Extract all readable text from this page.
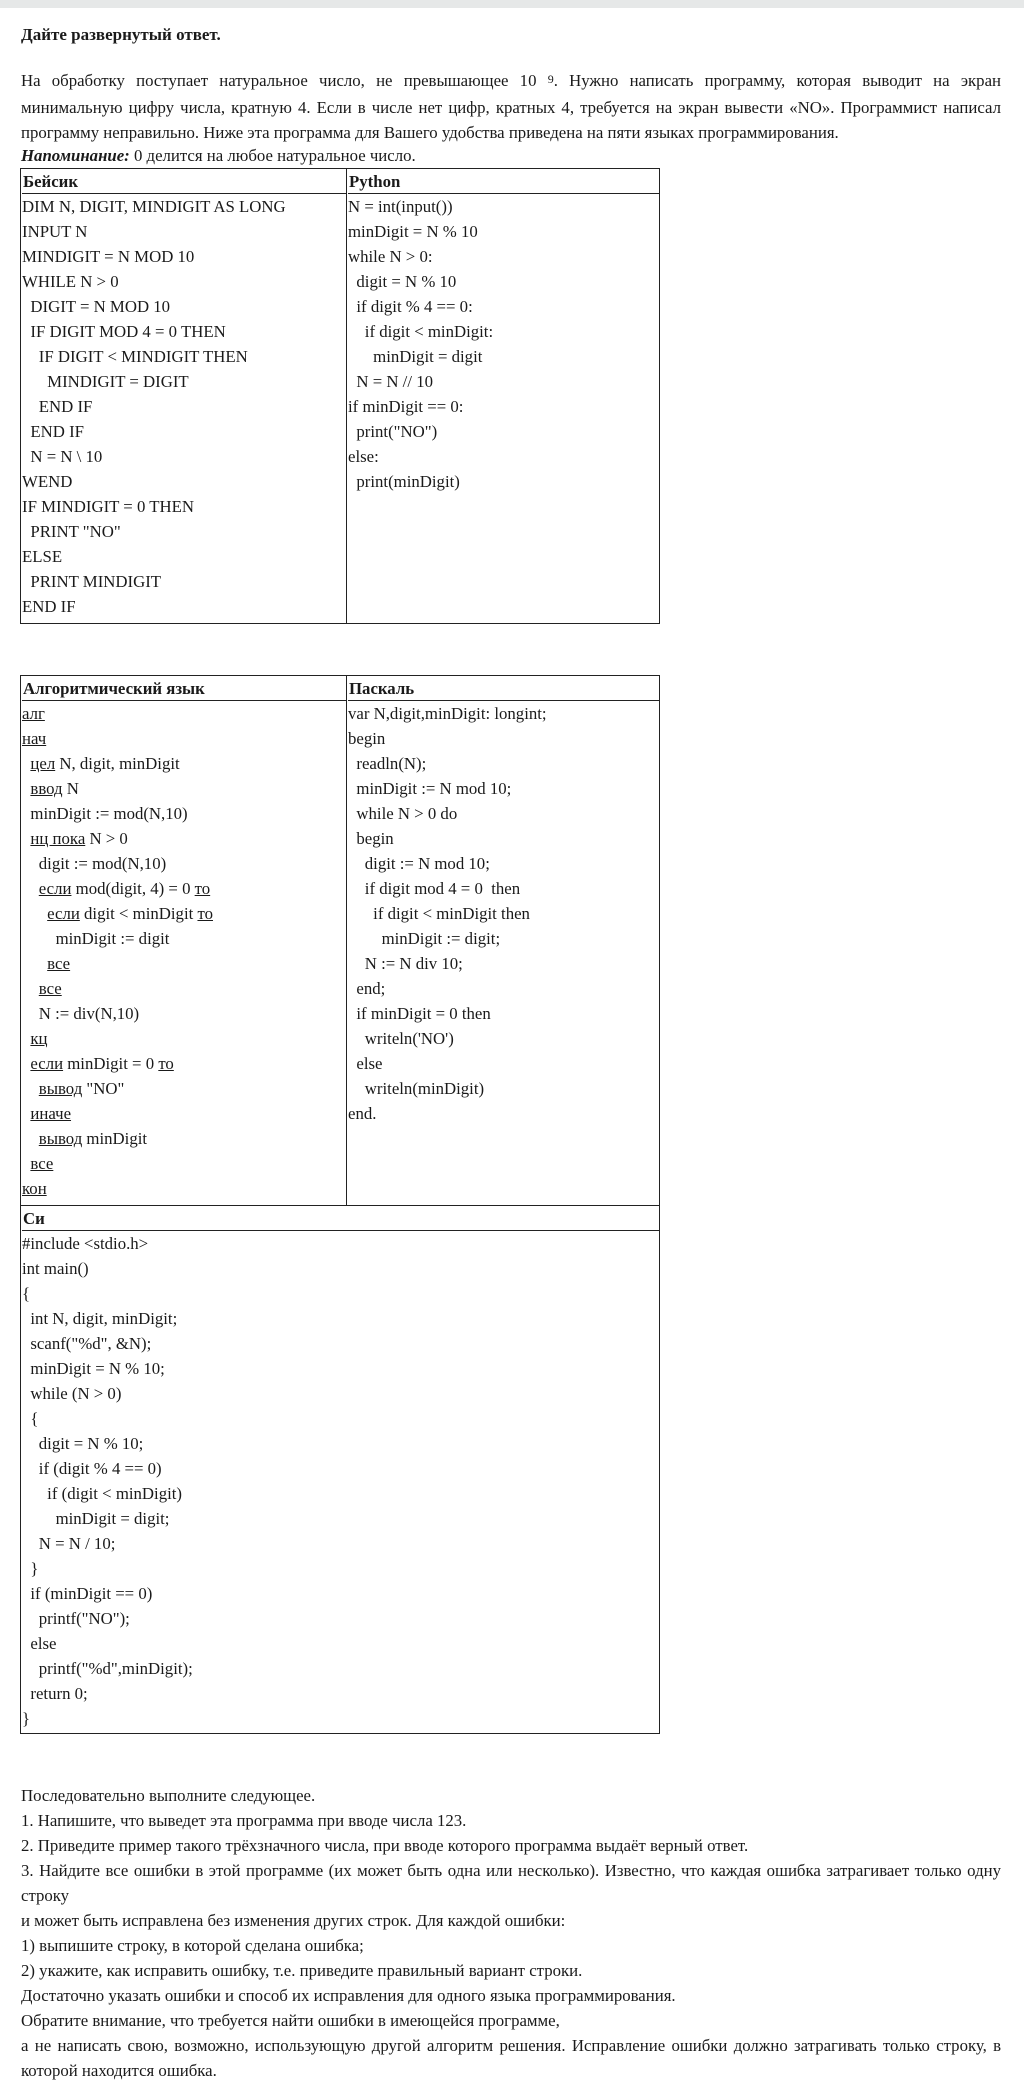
Дайте развернутый ответ.
На обработку поступает натуральное число, не превышающее 10 $^9$. Нужно написать программу, которая выводит на экран минимальную цифру числа, кратную 4. Если в числе нет цифр, кратных 4, требуется на экран вывести «NO». Программист написал программу неправильно. Ниже эта программа для Вашего удобства приведена на пяти языках программирования.
Напоминание: 0 делится на любое натуральное число.
Бейсик
DIM N, DIGIT, MINDIGIT AS LONG
INPUT N
MINDIGIT = N MOD 10
WHILE N > 0
DIGIT = N MOD 10
IF DIGIT MOD 4 = 0 THEN
IF DIGIT < MINDIGIT THEN
MINDIGIT = DIGIT
END IF
END IF
N = N \ 10
WEND
IF MINDIGIT = 0 THEN
PRINT "NO"
ELSE
PRINT MINDIGIT
END IF
Python
N = int(input())
minDigit = N % 10
while N > 0:
digit = N % 10
if digit % 4 == 0:
if digit < minDigit:
minDigit = digit
N = N // 10
if minDigit == 0:
print("NO")
else:
print(minDigit)
Алгоритмический язык
алг
нач
цел N, digit, minDigit
ввод N
minDigit := mod(N,10)
нц пока N > 0
digit := mod(N,10)
если mod(digit, 4) = 0 то
если digit < minDigit то
minDigit := digit
все
все
N := div(N,10)
кц
если minDigit = 0 то
вывод "NO"
иначе
вывод minDigit
все
кон
Паскаль
var N,digit,minDigit: longint;
begin
readln(N);
minDigit := N mod 10;
while N > 0 do
begin
digit := N mod 10;
if digit mod 4 = 0  then
if digit < minDigit then
minDigit := digit;
N := N div 10;
end;
if minDigit = 0 then
writeln('NO')
else
writeln(minDigit)
end.
Си
#include <stdio.h>
int main()
{
int N, digit, minDigit;
scanf("%d", &N);
minDigit = N % 10;
while (N > 0)
{
digit = N % 10;
if (digit % 4 == 0)
if (digit < minDigit)
minDigit = digit;
N = N / 10;
}
if (minDigit == 0)
printf("NO");
else
printf("%d",minDigit);
return 0;
}

Последовательно выполните следующее.

1. Напишите, что выведет эта программа при вводе числа 123.

2. Приведите пример такого трёхзначного числа, при вводе которого программа выдаёт верный ответ.

3. Найдите все ошибки в этой программе (их может быть одна или несколько). Известно, что каждая ошибка затрагивает только одну строку

и может быть исправлена без изменения других строк. Для каждой ошибки:

1) выпишите строку, в которой сделана ошибка;

2) укажите, как исправить ошибку, т.е. приведите правильный вариант строки.

Достаточно указать ошибки и способ их исправления для одного языка программирования.

Обратите внимание, что требуется найти ошибки в имеющейся программе,

а не написать свою, возможно, использующую другой алгоритм решения. Исправление ошибки должно затрагивать только строку, в которой находится ошибка.
